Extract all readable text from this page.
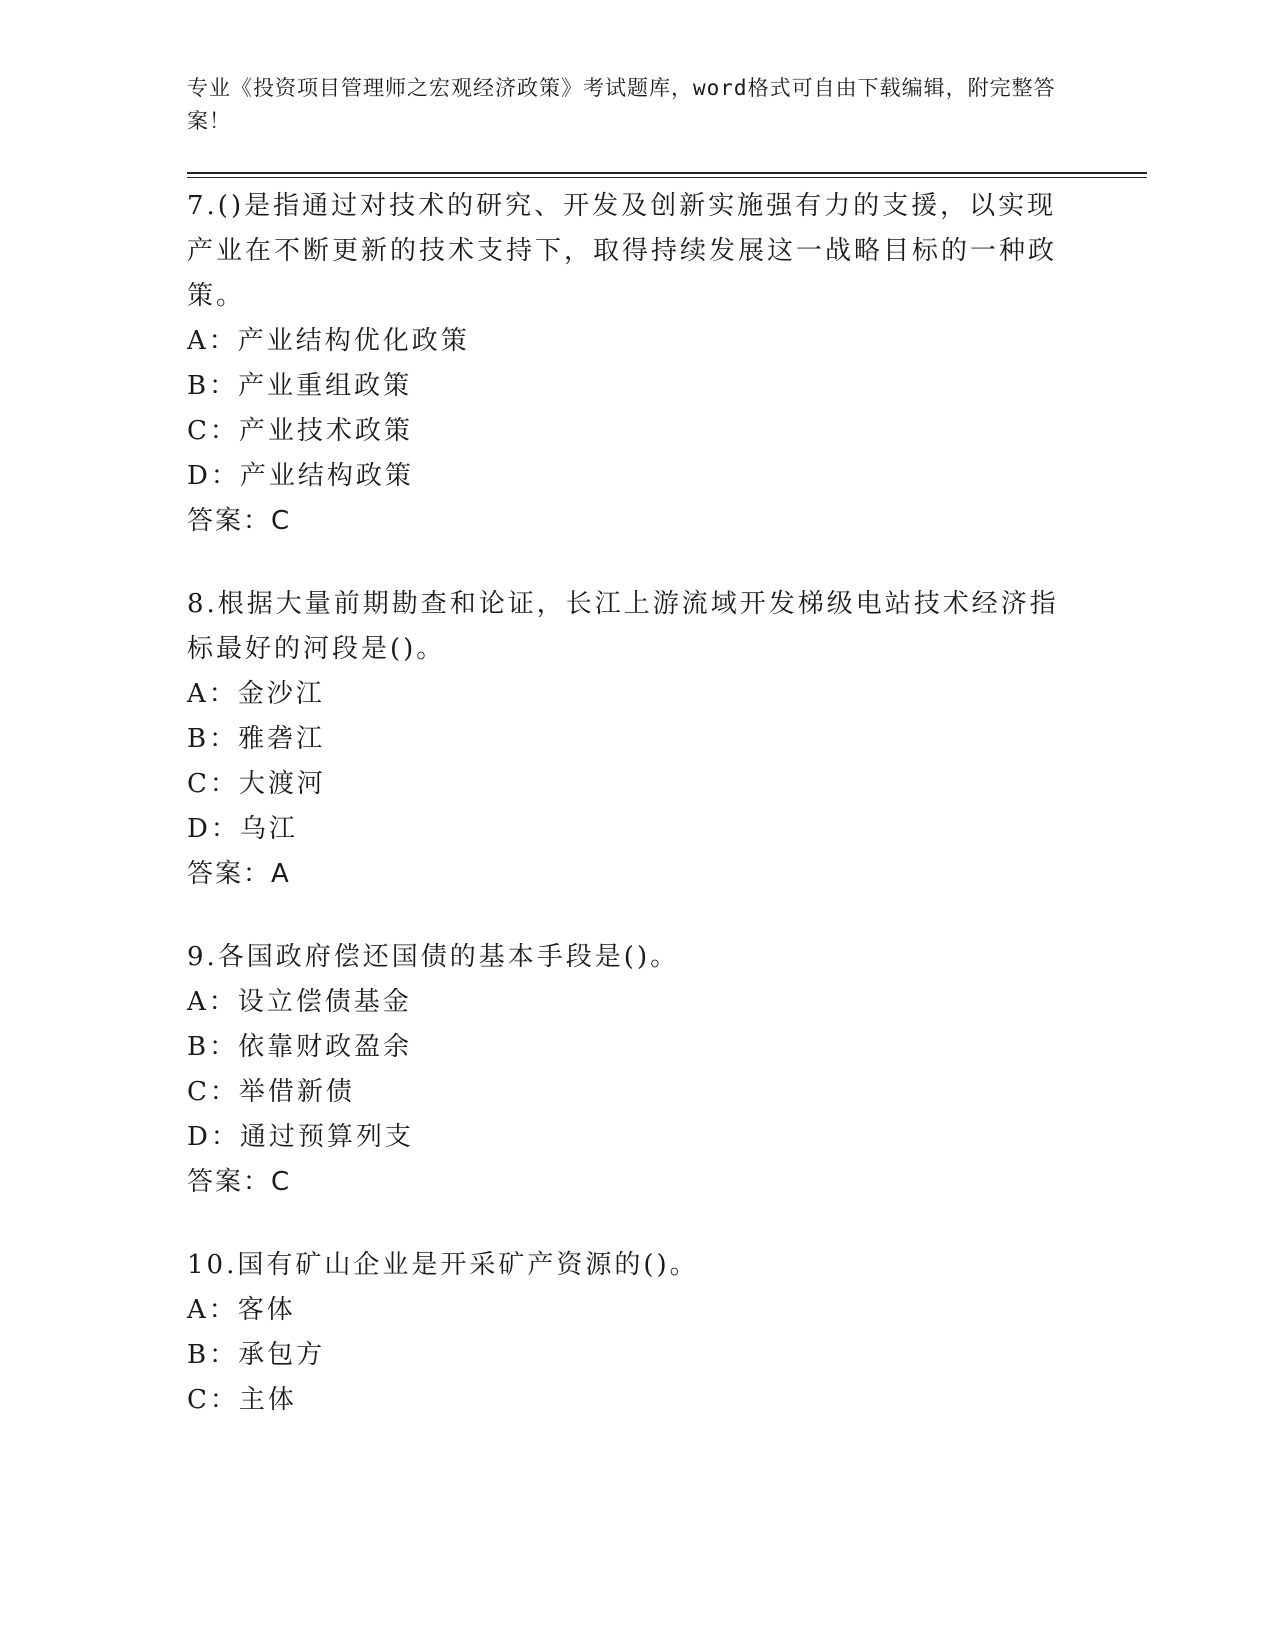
专业《投资项目管理师之宏观经济政策》考试题库，word格式可自由下载编辑，附完整答案！

7.()是指通过对技术的研究、开发及创新实施强有力的支援，以实现产业在不断更新的技术支持下，取得持续发展这一战略目标的一种政策。

A：产业结构优化政策

B：产业重组政策

C：产业技术政策

D：产业结构政策

答案：C

8.根据大量前期勘查和论证，长江上游流域开发梯级电站技术经济指标最好的河段是()。

A：金沙江

B：雅砻江

C：大渡河

D：乌江

答案：A

9.各国政府偿还国债的基本手段是()。

A：设立偿债基金

B：依靠财政盈余

C：举借新债

D：通过预算列支

答案：C

10.国有矿山企业是开采矿产资源的()。

A：客体

B：承包方

C：主体
